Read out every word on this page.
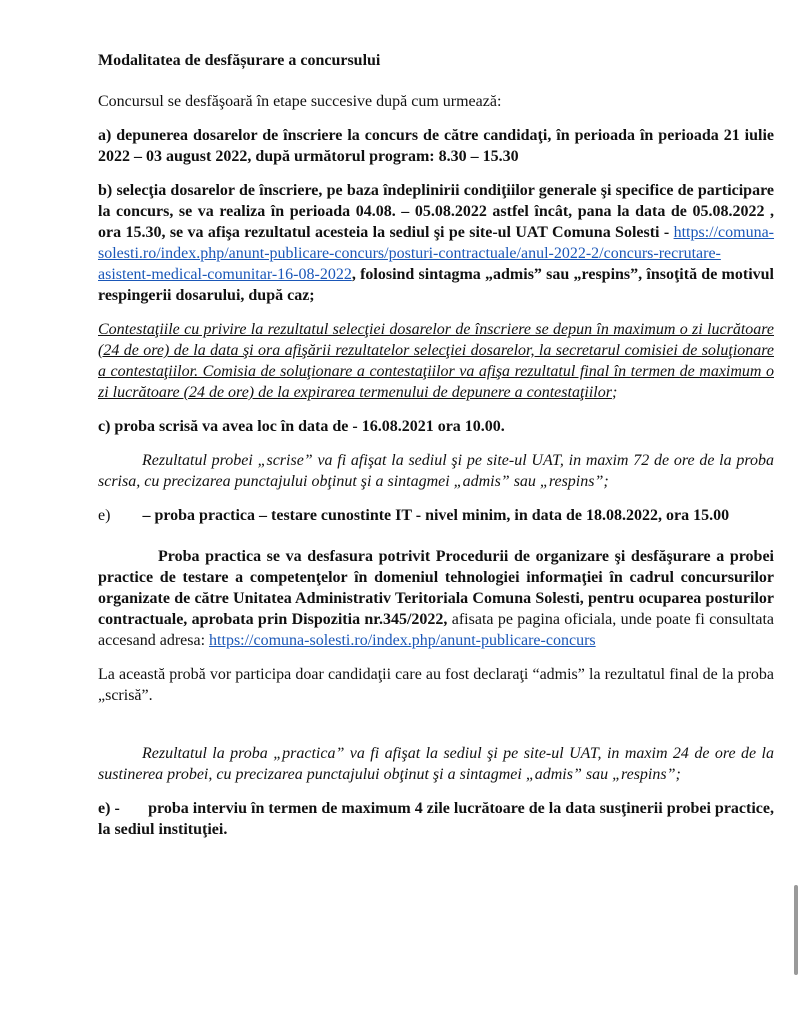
Modalitatea de desfășurare a concursului

Concursul se desfăşoară în etape succesive după cum urmează:

a) depunerea dosarelor de înscriere la concurs de către candidaţi, în perioada în perioada 21 iulie 2022 – 03 august 2022, după următorul program: 8.30 – 15.30

b) selecţia dosarelor de înscriere, pe baza îndeplinirii condiţiilor generale şi specifice de participare la concurs, se va realiza în perioada 04.08. – 05.08.2022 astfel încât, pana la data de 05.08.2022 , ora 15.30, se va afişa rezultatul acesteia la sediul şi pe site-ul UAT Comuna Solesti - https://comuna-solesti.ro/index.php/anunt-publicare-concurs/posturi-contractuale/anul-2022-2/concurs-recrutare-asistent-medical-comunitar-16-08-2022, folosind sintagma „admis” sau „respins”, însoţită de motivul respingerii dosarului, după caz;

Contestaţiile cu privire la rezultatul selecţiei dosarelor de înscriere se depun în maximum o zi lucrătoare (24 de ore) de la data şi ora afişării rezultatelor selecţiei dosarelor, la secretarul comisiei de soluţionare a contestaţiilor. Comisia de soluţionare a contestaţiilor va afişa rezultatul final în termen de maximum o zi lucrătoare (24 de ore) de la expirarea termenului de depunere a contestaţiilor;

c) proba scrisă va avea loc în data de - 16.08.2021 ora 10.00.

Rezultatul probei „scrise” va fi afişat la sediul şi pe site-ul UAT, in maxim 72 de ore de la proba scrisa, cu precizarea punctajului obţinut şi a sintagmei „admis” sau „respins”;

e) – proba practica – testare cunostinte IT - nivel minim, in data de 18.08.2022, ora 15.00

Proba practica se va desfasura potrivit Procedurii de organizare şi desfăşurare a probei practice de testare a competenţelor în domeniul tehnologiei informaţiei în cadrul concursurilor organizate de către Unitatea Administrativ Teritoriala Comuna Solesti, pentru ocuparea posturilor contractuale, aprobata prin Dispozitia nr.345/2022, afisata pe pagina oficiala, unde poate fi consultata accesand adresa: https://comuna-solesti.ro/index.php/anunt-publicare-concurs

La această probă vor participa doar candidaţii care au fost declaraţi “admis” la rezultatul final de la proba „scrisă”.

Rezultatul la proba „practica” va fi afişat la sediul şi pe site-ul UAT, in maxim 24 de ore de la sustinerea probei, cu precizarea punctajului obţinut şi a sintagmei „admis” sau „respins”;

e) - proba interviu în termen de maximum 4 zile lucrătoare de la data susţinerii probei practice, la sediul instituţiei.
